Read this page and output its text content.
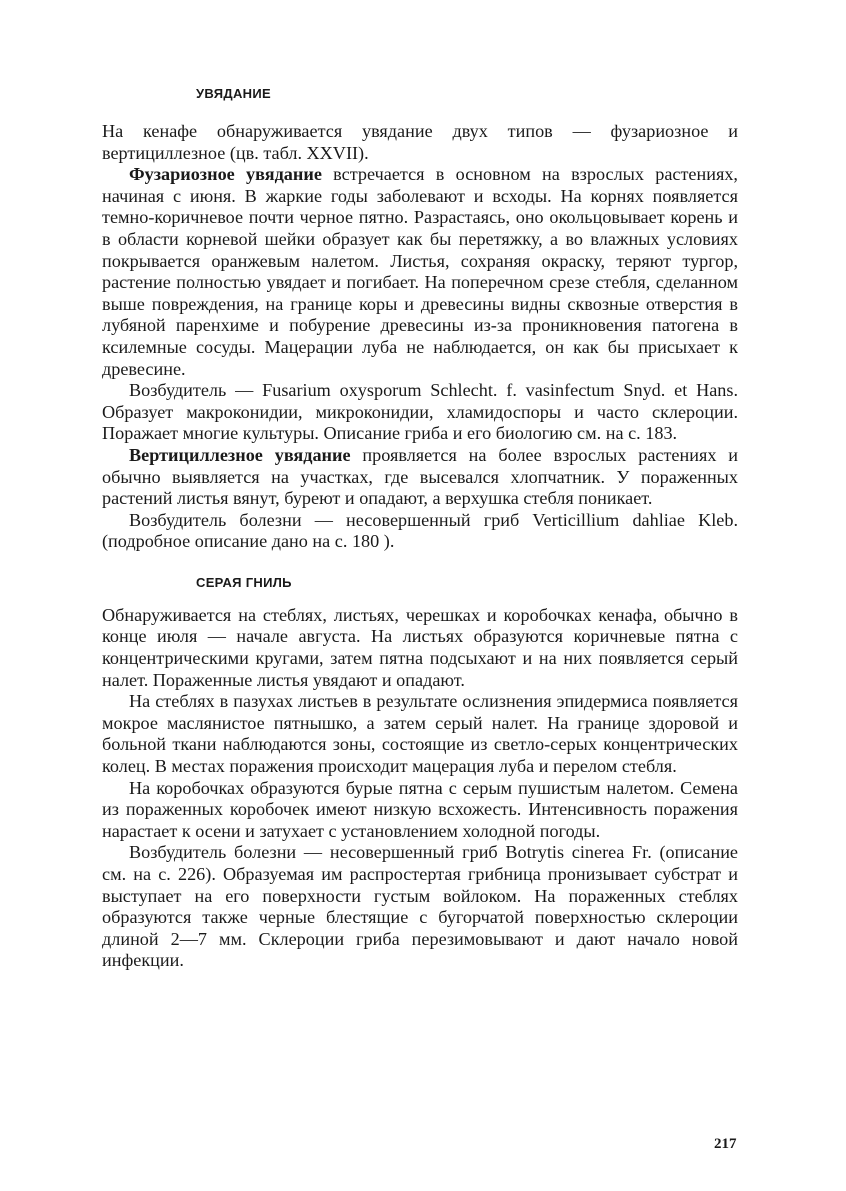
УВЯДАНИЕ

На кенафе обнаруживается увядание двух типов — фузариозное и вертициллезное (цв. табл. XXVII).

Фузариозное увядание встречается в основном на взрослых растениях, начиная с июня. В жаркие годы заболевают и всходы. На корнях появляется темно-коричневое почти черное пятно. Разрастаясь, оно окольцовывает корень и в области корневой шейки образует как бы перетяжку, а во влажных условиях покрывается оранжевым налетом. Листья, сохраняя окраску, теряют тургор, растение полностью увядает и погибает. На поперечном срезе стебля, сделанном выше повреждения, на границе коры и древесины видны сквозные отверстия в лубяной паренхиме и побурение древесины из-за проникновения патогена в ксилемные сосуды. Мацерации луба не наблюдается, он как бы присыхает к древесине.

Возбудитель — Fusarium oxysporum Schlecht. f. vasinfectum Snyd. et Hans. Образует макроконидии, микроконидии, хламидоспоры и часто склероции. Поражает многие культуры. Описание гриба и его биологию см. на с. 183.

Вертициллезное увядание проявляется на более взрослых растениях и обычно выявляется на участках, где высевался хлопчатник. У пораженных растений листья вянут, буреют и опадают, а верхушка стебля поникает.

Возбудитель болезни — несовершенный гриб Verticillium dahliae Kleb. (подробное описание дано на с. 180 ).

СЕРАЯ ГНИЛЬ

Обнаруживается на стеблях, листьях, черешках и коробочках кенафа, обычно в конце июля — начале августа. На листьях образуются коричневые пятна с концентрическими кругами, затем пятна подсыхают и на них появляется серый налет. Пораженные листья увядают и опадают.

На стеблях в пазухах листьев в результате ослизнения эпидермиса появляется мокрое маслянистое пятнышко, а затем серый налет. На границе здоровой и больной ткани наблюдаются зоны, состоящие из светло-серых концентрических колец. В местах поражения происходит мацерация луба и перелом стебля.

На коробочках образуются бурые пятна с серым пушистым налетом. Семена из пораженных коробочек имеют низкую всхожесть. Интенсивность поражения нарастает к осени и затухает с установлением холодной погоды.

Возбудитель болезни — несовершенный гриб Botrytis cinerea Fr. (описание см. на с. 226). Образуемая им распростертая грибница пронизывает субстрат и выступает на его поверхности густым войлоком. На пораженных стеблях образуются также черные блестящие с бугорчатой поверхностью склероции длиной 2—7 мм. Склероции гриба перезимовывают и дают начало новой инфекции.

217
